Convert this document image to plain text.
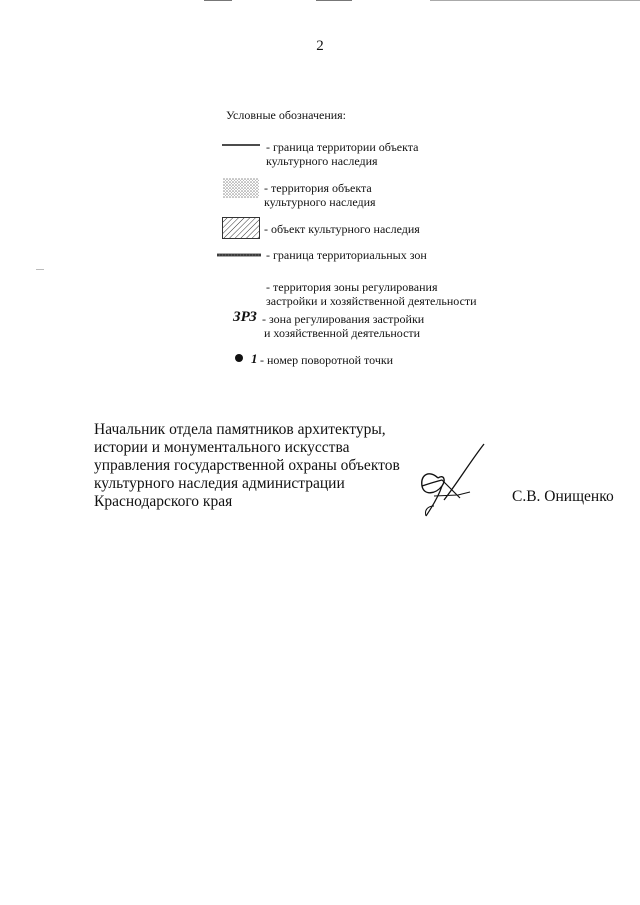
2
Условные обозначения:
- граница территории объекта
культурного наследия
- территория объекта
культурного наследия
- объект культурного наследия
- граница территориальных зон
- территория зоны регулирования
застройки и хозяйственной деятельности
ЗРЗ - зона регулирования застройки
и хозяйственной деятельности
1 - номер поворотной точки
Начальник отдела памятников архитектуры,
истории и монументального искусства
управления государственной охраны объектов
культурного наследия администрации
Краснодарского края	С.В. Онищенко
